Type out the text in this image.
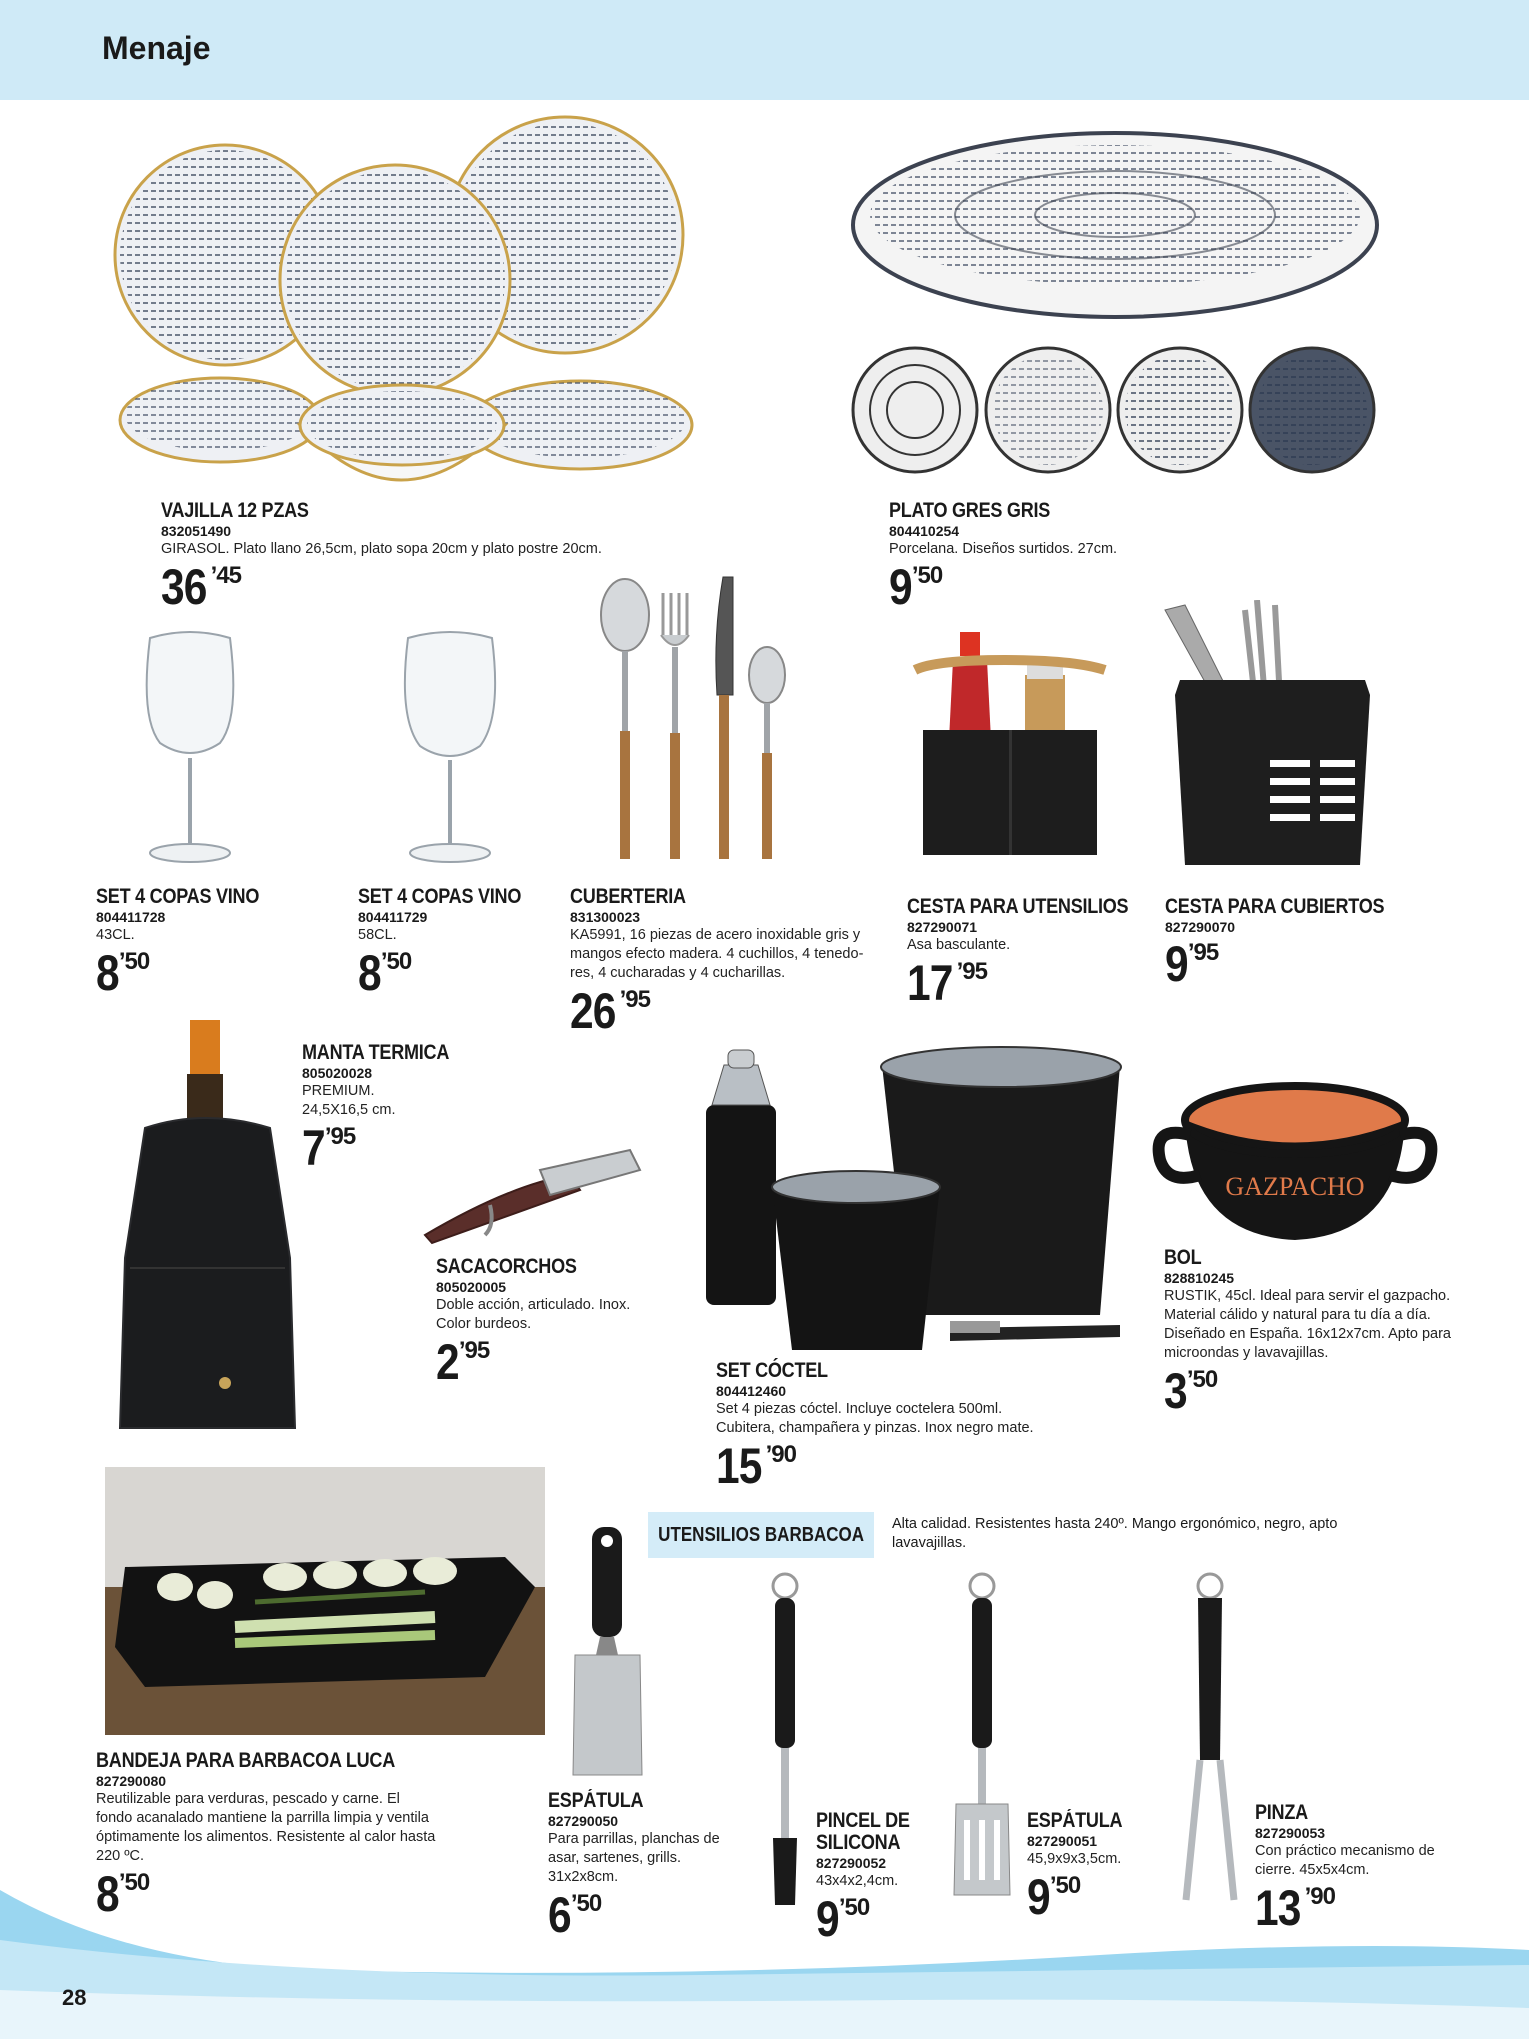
Menaje
GAZPACHO
VAJILLA 12 PZAS
832051490
GIRASOL. Plato llano 26,5cm, plato sopa 20cm y plato postre 20cm.
36 ’45
PLATO GRES GRIS
804410254
Porcelana. Diseños surtidos. 27cm.
9 ’50
SET 4 COPAS VINO
804411728
43CL.
8 ’50
SET 4 COPAS VINO
804411729
58CL.
8 ’50
CUBERTERIA
831300023
KA5991, 16 piezas de acero inoxidable gris y
mangos efecto madera. 4 cuchillos, 4 tenedo-
res, 4 cucharadas y 4 cucharillas.
26 ’95
CESTA PARA UTENSILIOS
827290071
Asa basculante.
17 ’95
CESTA PARA CUBIERTOS
827290070
9 ’95
MANTA TERMICA
805020028
PREMIUM.
24,5X16,5 cm.
7 ’95
SACACORCHOS
805020005
Doble acción, articulado. Inox.
Color burdeos.
2 ’95
SET CÓCTEL
804412460
Set 4 piezas cóctel. Incluye coctelera 500ml.
Cubitera, champañera y pinzas. Inox negro mate.
15 ’90
BOL
828810245
RUSTIK, 45cl. Ideal para servir el gazpacho.
Material cálido y natural para tu día a día.
Diseñado en España. 16x12x7cm. Apto para
microondas y lavavajillas.
3 ’50
UTENSILIOS BARBACOA Alta calidad. Resistentes hasta 240º. Mango ergonómico, negro, apto lavavajillas.
BANDEJA PARA BARBACOA LUCA
827290080
Reutilizable para verduras, pescado y carne. El
fondo acanalado mantiene la parrilla limpia y ventila
óptimamente los alimentos. Resistente al calor hasta
220 ºC.
8 ’50
ESPÁTULA
827290050
Para parrillas, planchas de
asar, sartenes, grills.
31x2x8cm.
6 ’50
PINCEL DE
SILICONA
827290052
43x4x2,4cm.
9 ’50
ESPÁTULA
827290051
45,9x9x3,5cm.
9 ’50
PINZA
827290053
Con práctico mecanismo de
cierre. 45x5x4cm.
13 ’90
28
